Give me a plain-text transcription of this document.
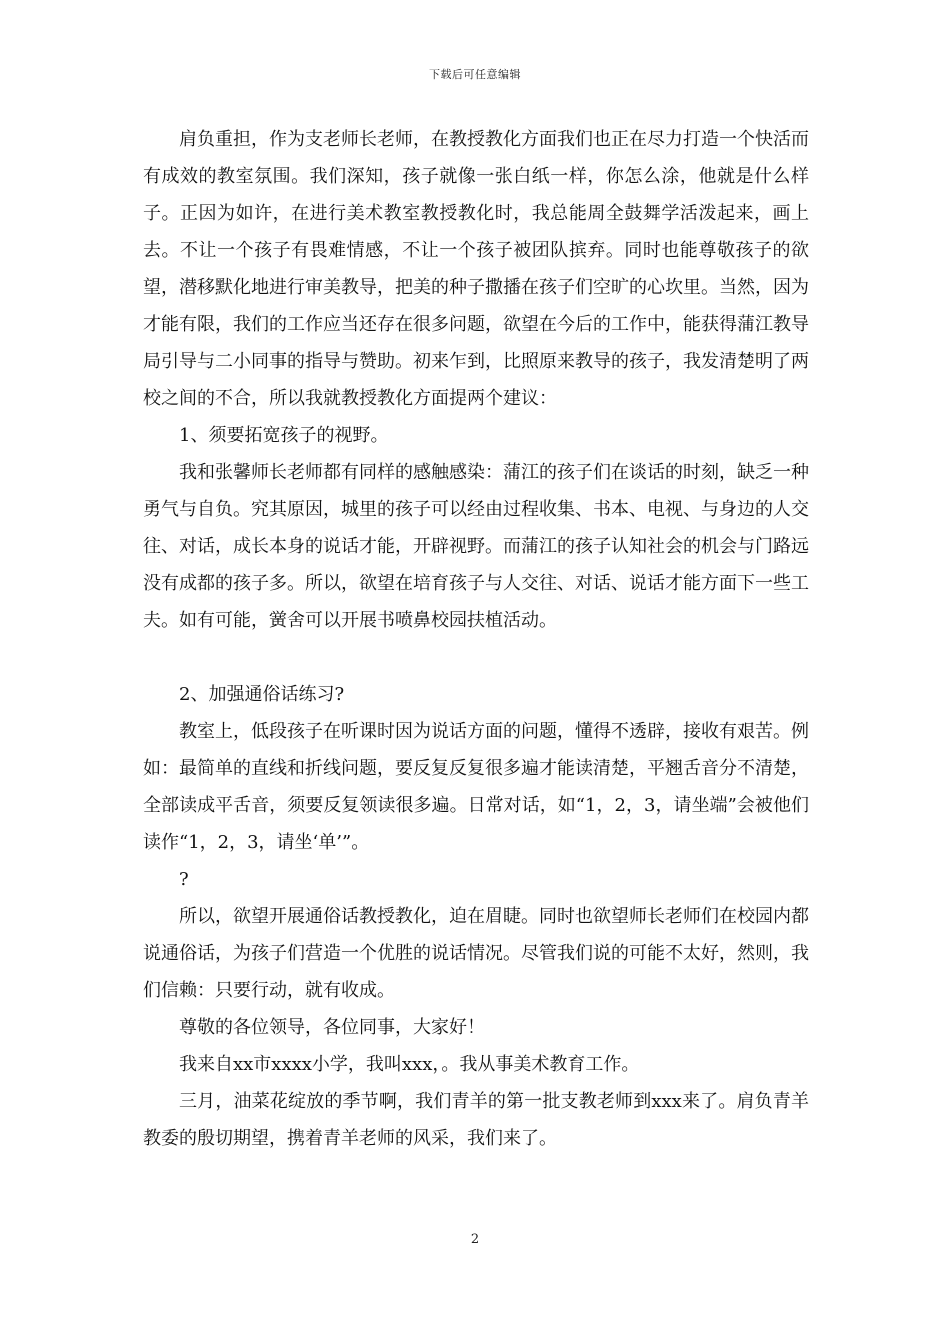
下载后可任意编辑

肩负重担，作为支老师长老师，在教授教化方面我们也正在尽力打造一个快活而有成效的教室氛围。我们深知，孩子就像一张白纸一样，你怎么涂，他就是什么样子。正因为如许，在进行美术教室教授教化时，我总能周全鼓舞学活泼起来，画上去。不让一个孩子有畏难情感，不让一个孩子被团队摈弃。同时也能尊敬孩子的欲望，潜移默化地进行审美教导，把美的种子撒播在孩子们空旷的心坎里。当然，因为才能有限，我们的工作应当还存在很多问题，欲望在今后的工作中，能获得蒲江教导局引导与二小同事的指导与赞助。初来乍到，比照原来教导的孩子，我发清楚明了两校之间的不合，所以我就教授教化方面提两个建议：

1、须要拓宽孩子的视野。

我和张馨师长老师都有同样的感触感染：蒲江的孩子们在谈话的时刻，缺乏一种勇气与自负。究其原因，城里的孩子可以经由过程收集、书本、电视、与身边的人交往、对话，成长本身的说话才能，开辟视野。而蒲江的孩子认知社会的机会与门路远没有成都的孩子多。所以，欲望在培育孩子与人交往、对话、说话才能方面下一些工夫。如有可能，黉舍可以开展书喷鼻校园扶植活动。

2、加强通俗话练习?

教室上，低段孩子在听课时因为说话方面的问题，懂得不透辟，接收有艰苦。例如：最简单的直线和折线问题，要反复反复很多遍才能读清楚，平翘舌音分不清楚，全部读成平舌音，须要反复领读很多遍。日常对话，如“1，2，3，请坐端”会被他们读作“1，2，3，请坐‘单’”。

?

所以，欲望开展通俗话教授教化，迫在眉睫。同时也欲望师长老师们在校园内都说通俗话，为孩子们营造一个优胜的说话情况。尽管我们说的可能不太好，然则，我们信赖：只要行动，就有收成。

尊敬的各位领导，各位同事，大家好！

我来自xx市xxxx小学，我叫xxx，。我从事美术教育工作。

三月，油菜花绽放的季节啊，我们青羊的第一批支教老师到xxx来了。肩负青羊教委的殷切期望，携着青羊老师的风采，我们来了。

2
